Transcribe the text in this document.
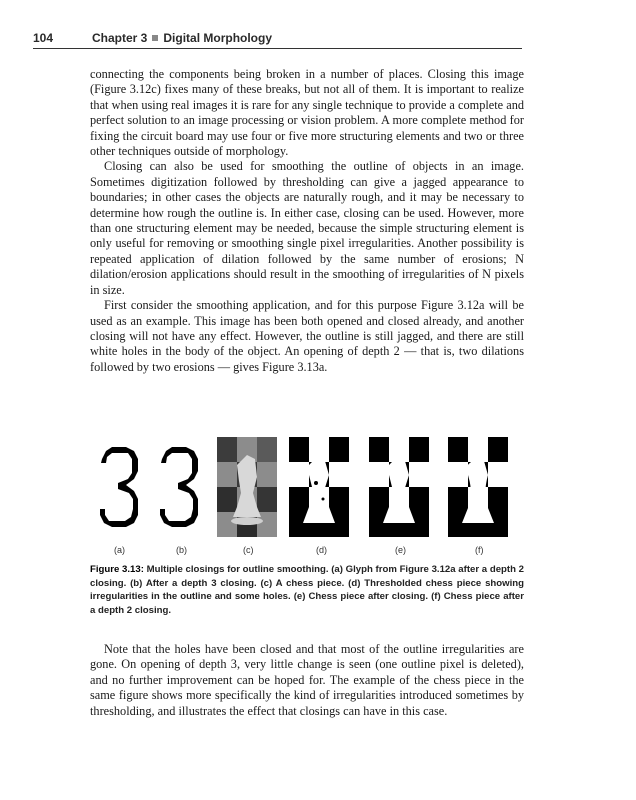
104	Chapter 3 Digital Morphology

connecting the components being broken in a number of places. Closing this image (Figure 3.12c) fixes many of these breaks, but not all of them. It is important to realize that when using real images it is rare for any single technique to provide a complete and perfect solution to an image processing or vision problem. A more complete method for fixing the circuit board may use four or five more structuring elements and two or three other techniques outside of morphology.

Closing can also be used for smoothing the outline of objects in an image. Sometimes digitization followed by thresholding can give a jagged appearance to boundaries; in other cases the objects are naturally rough, and it may be necessary to determine how rough the outline is. In either case, closing can be used. However, more than one structuring element may be needed, because the simple structuring element is only useful for removing or smoothing single pixel irregularities. Another possibility is repeated application of dilation followed by the same number of erosions; N dilation/erosion applications should result in the smoothing of irregularities of N pixels in size.

First consider the smoothing application, and for this purpose Figure 3.12a will be used as an example. This image has been both opened and closed already, and another closing will not have any effect. However, the outline is still jagged, and there are still white holes in the body of the object. An opening of depth 2 — that is, two dilations followed by two erosions — gives Figure 3.13a.

(a)	(b)	(c)	(d)	(e)	(f)

Figure 3.13: Multiple closings for outline smoothing. (a) Glyph from Figure 3.12a after a depth 2 closing. (b) After a depth 3 closing. (c) A chess piece. (d) Thresholded chess piece showing irregularities in the outline and some holes. (e) Chess piece after closing. (f) Chess piece after a depth 2 closing.

Note that the holes have been closed and that most of the outline irregularities are gone. On opening of depth 3, very little change is seen (one outline pixel is deleted), and no further improvement can be hoped for. The example of the chess piece in the same figure shows more specifically the kind of irregularities introduced sometimes by thresholding, and illustrates the effect that closings can have in this case.
